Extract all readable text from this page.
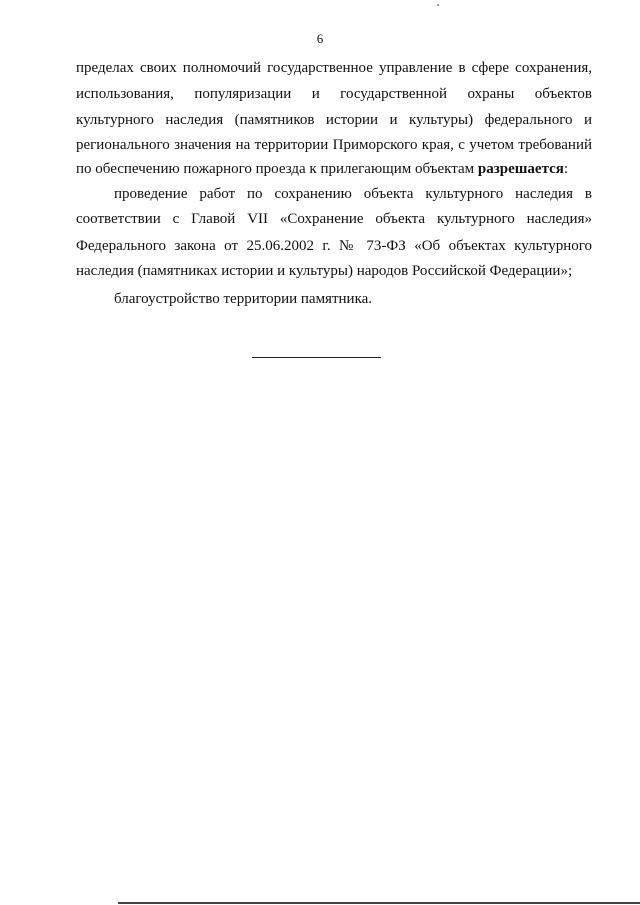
6
пределах своих полномочий государственное управление в сфере сохранения,
использования, популяризации и государственной охраны объектов
культурного наследия (памятников истории и культуры) федерального и
регионального значения на территории Приморского края, с учетом требований
по обеспечению пожарного проезда к прилегающим объектам разрешается:
проведение работ по сохранению объекта культурного наследия в
соответствии с Главой VII «Сохранение объекта культурного наследия»
Федерального закона от 25.06.2002 г. № 73-ФЗ «Об объектах культурного
наследия (памятниках истории и культуры) народов Российской Федерации»;
благоустройство территории памятника.
